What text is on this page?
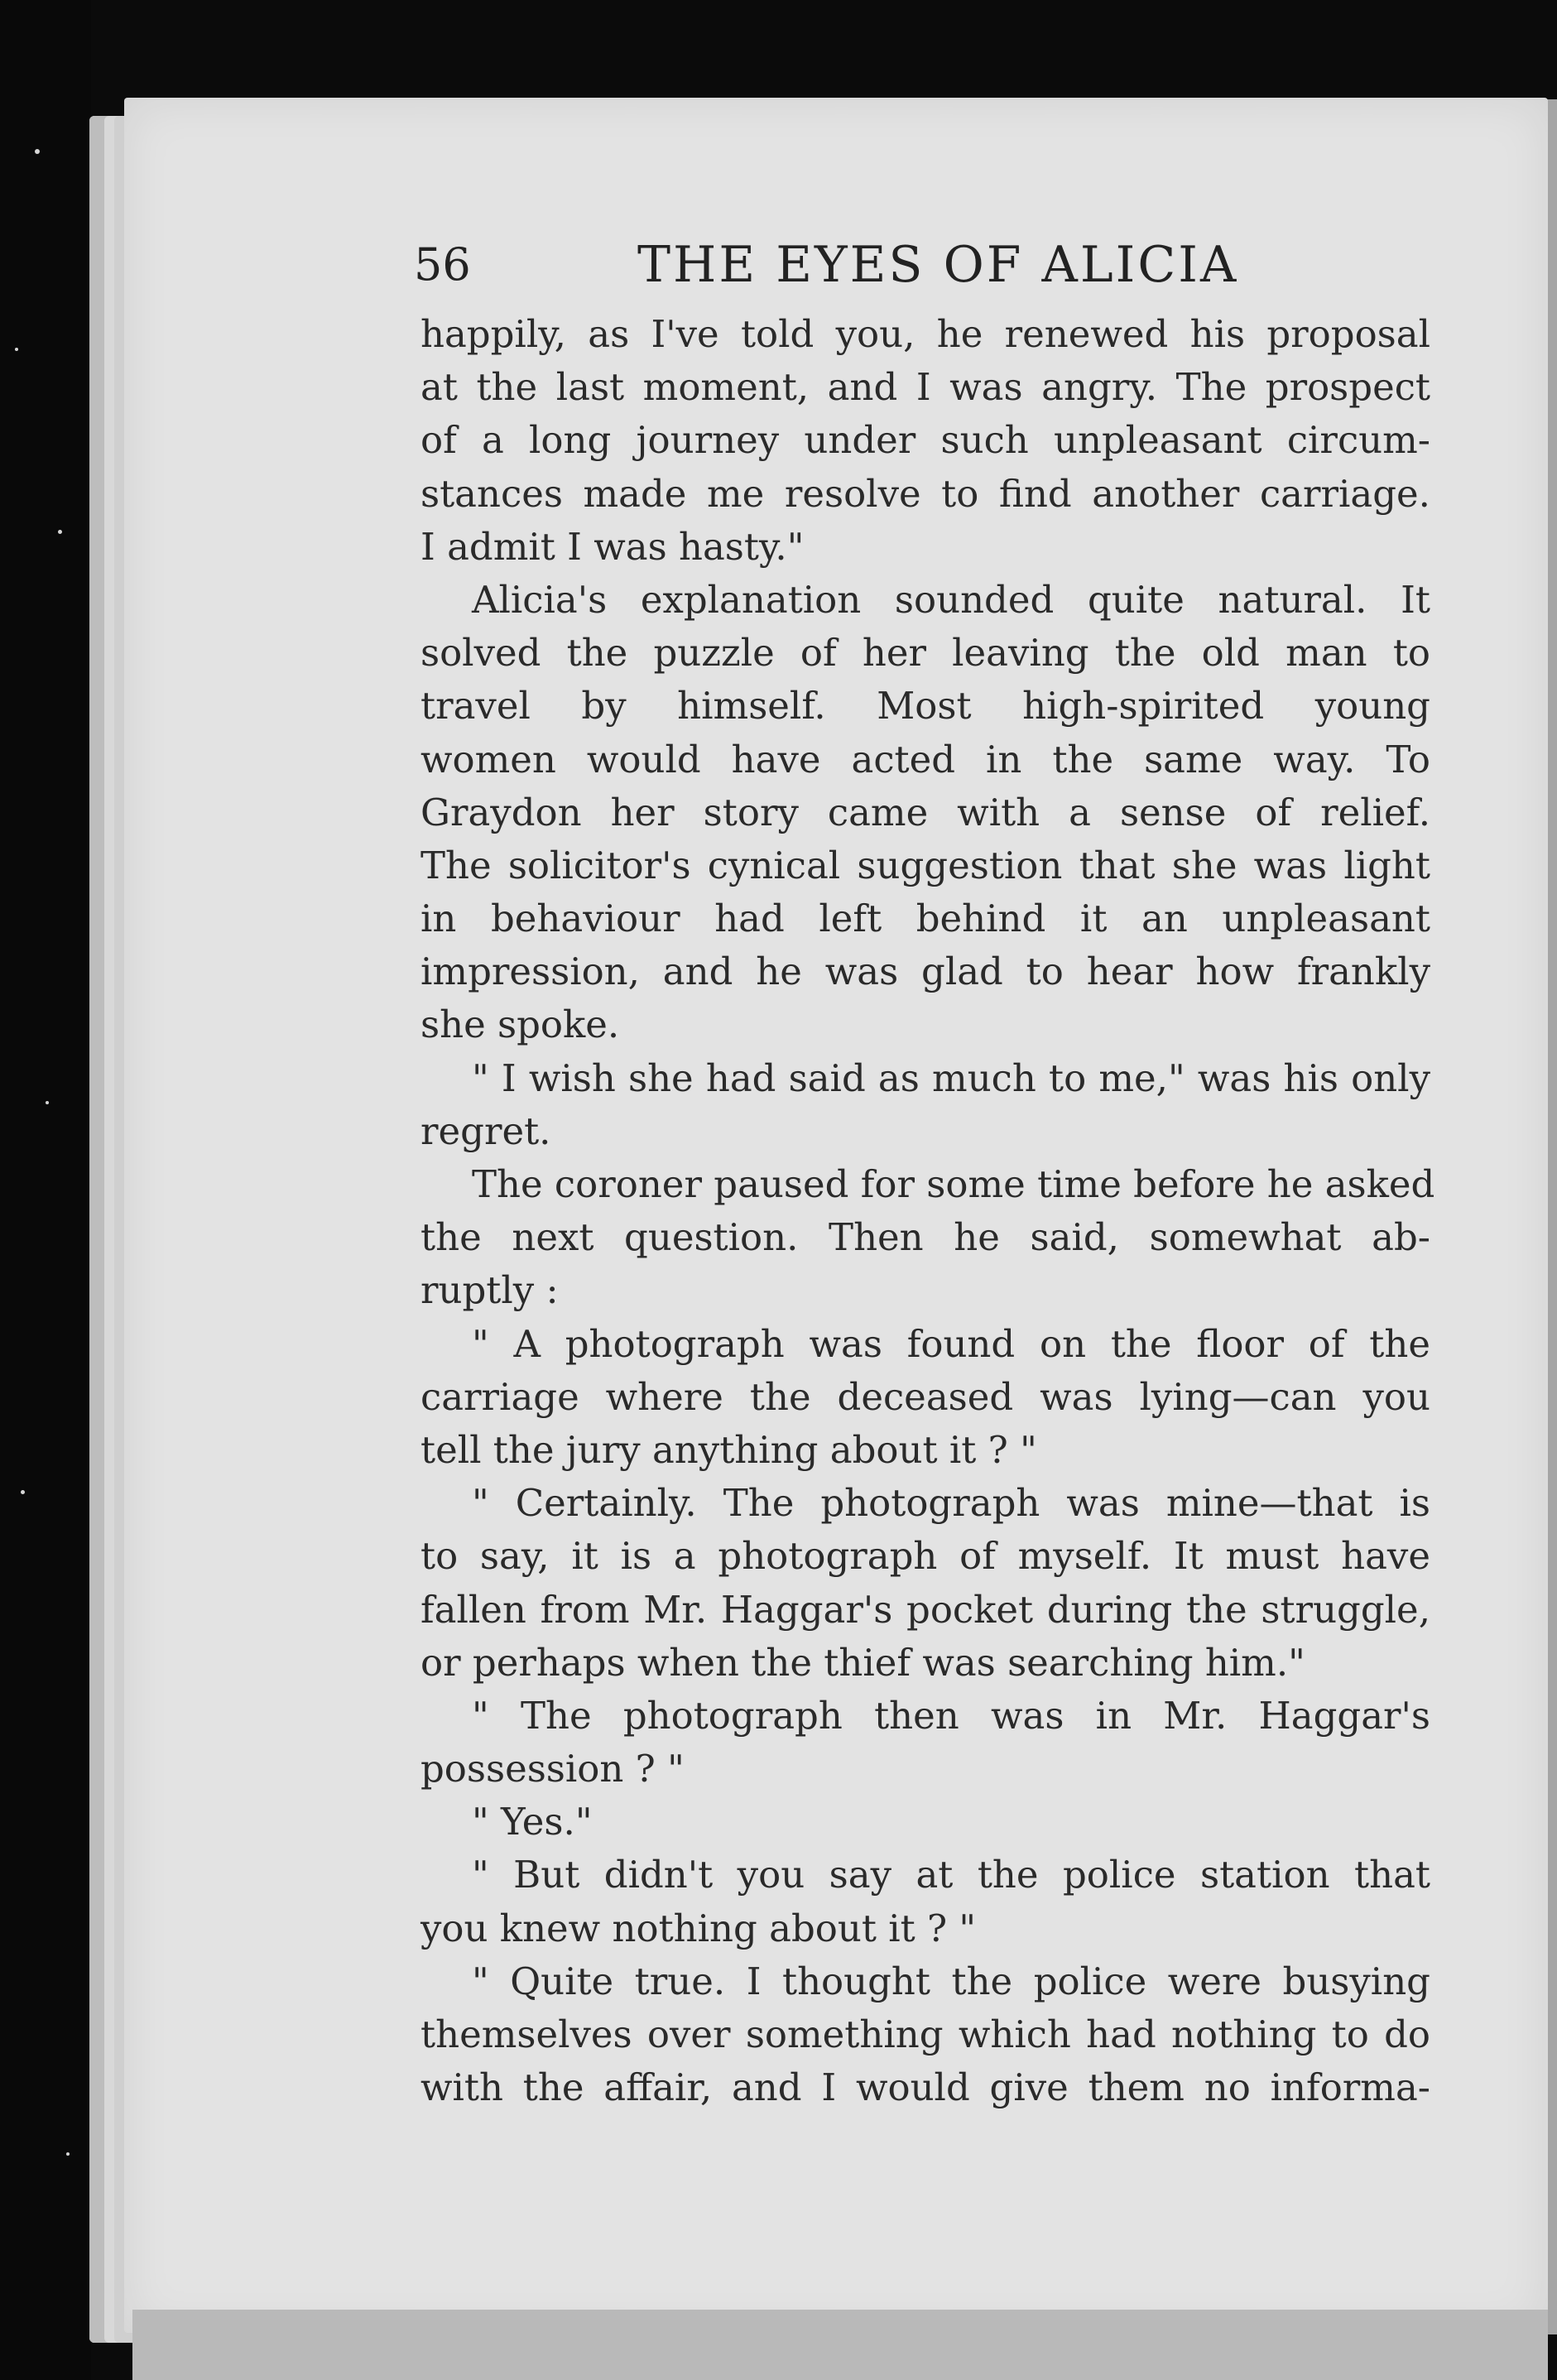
56	THE EYES OF ALICIA
happily, as I've told you, he renewed his proposal
at the last moment, and I was angry. The prospect
of a long journey under such unpleasant circum-
stances made me resolve to find another carriage.
I admit I was hasty."
Alicia's explanation sounded quite natural. It
solved the puzzle of her leaving the old man to
travel by himself. Most high-spirited young
women would have acted in the same way. To
Graydon her story came with a sense of relief.
The solicitor's cynical suggestion that she was light
in behaviour had left behind it an unpleasant
impression, and he was glad to hear how frankly
she spoke.
" I wish she had said as much to me," was his only
regret.
The coroner paused for some time before he asked
the next question. Then he said, somewhat ab-
ruptly :
" A photograph was found on the floor of the
carriage where the deceased was lying—can you
tell the jury anything about it ? "
" Certainly. The photograph was mine—that is
to say, it is a photograph of myself. It must have
fallen from Mr. Haggar's pocket during the struggle,
or perhaps when the thief was searching him."
" The photograph then was in Mr. Haggar's
possession ? "
" Yes."
" But didn't you say at the police station that
you knew nothing about it ? "
" Quite true. I thought the police were busying
themselves over something which had nothing to do
with the affair, and I would give them no informa-
